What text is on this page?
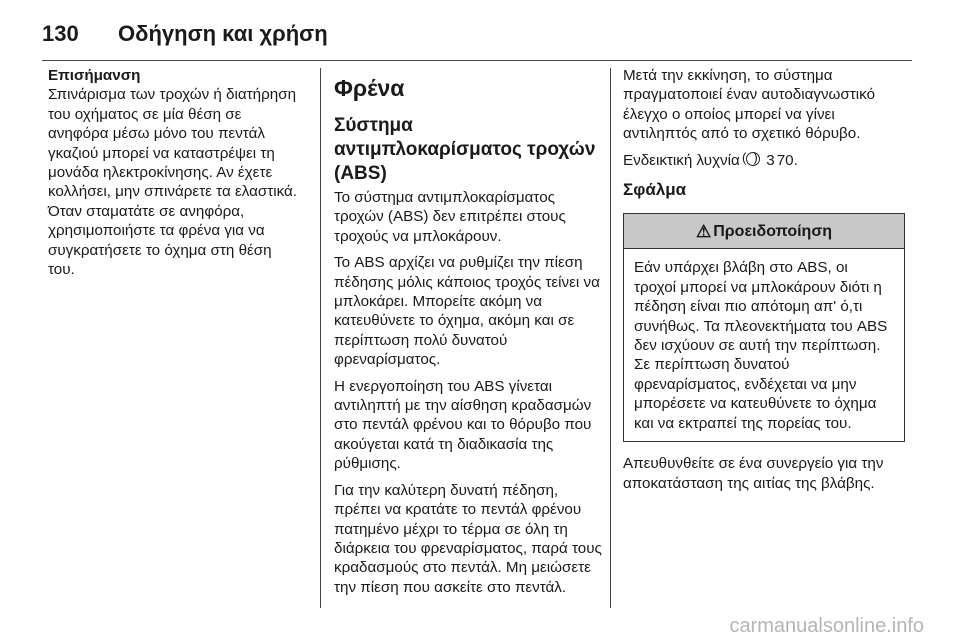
130	Οδήγηση και χρήση

Επισήμανση

Σπινάρισμα των τροχών ή διατήρηση του οχήματος σε μία θέση σε ανηφόρα μέσω μόνο του πεντάλ γκαζιού μπορεί να καταστρέψει τη μονάδα ηλεκτροκίνησης. Αν έχετε κολλήσει, μην σπινάρετε τα ελαστικά. Όταν σταματάτε σε ανηφόρα, χρησιμοποιήστε τα φρένα για να συγκρατήσετε το όχημα στη θέση του.

Φρένα
Σύστημα αντιμπλοκαρίσματος τροχών (ABS)

Το σύστημα αντιμπλοκαρίσματος τροχών (ABS) δεν επιτρέπει στους τροχούς να μπλοκάρουν.

Το ABS αρχίζει να ρυθμίζει την πίεση πέδησης μόλις κάποιος τροχός τείνει να μπλοκάρει. Μπορείτε ακόμη να κατευθύνετε το όχημα, ακόμη και σε περίπτωση πολύ δυνατού φρεναρίσματος.

Η ενεργοποίηση του ABS γίνεται αντιληπτή με την αίσθηση κραδασμών στο πεντάλ φρένου και το θόρυβο που ακούγεται κατά τη διαδικασία της ρύθμισης.

Για την καλύτερη δυνατή πέδηση, πρέπει να κρατάτε το πεντάλ φρένου πατημένο μέχρι το τέρμα σε όλη τη διάρκεια του φρεναρίσματος, παρά τους κραδασμούς στο πεντάλ. Μη μειώσετε την πίεση που ασκείτε στο πεντάλ.

Μετά την εκκίνηση, το σύστημα πραγματοποιεί έναν αυτοδιαγνωστικό έλεγχο ο οποίος μπορεί να γίνει αντιληπτός από το σχετικό θόρυβο.

Ενδεικτική λυχνία () 3 70.

Σφάλμα
⚠ Προειδοποίηση
Εάν υπάρχει βλάβη στο ABS, οι τροχοί μπορεί να μπλοκάρουν διότι η πέδηση είναι πιο απότομη απ' ό,τι συνήθως. Τα πλεονεκτήματα του ABS δεν ισχύουν σε αυτή την περίπτωση. Σε περίπτωση δυνατού φρεναρίσματος, ενδέχεται να μην μπορέσετε να κατευθύνετε το όχημα και να εκτραπεί της πορείας του.

Απευθυνθείτε σε ένα συνεργείο για την αποκατάσταση της αιτίας της βλάβης.

carmanualsonline.info
